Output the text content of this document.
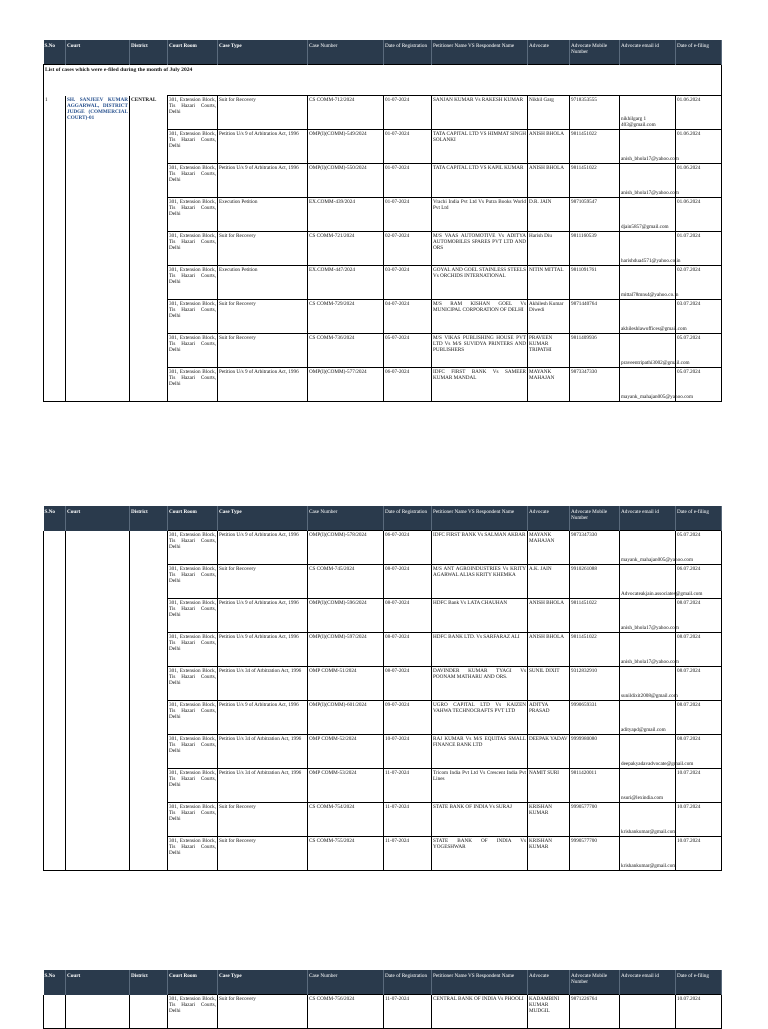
List of cases which were e-filed during the month of July 2024											
S.No	Court	District	Court Room	Case Type	Case Number	Date of Registration	Petitioner Name VS Respondent Name	Advocate	Advocate Mobile Number	Advocate email id	Date of e-filing
1	SH. SANJEEV KUMAR AGGARWAL, DISTRICT JUDGE (COMMERCIAL COURT)-01	CENTRAL	301, Extension Block, Tis Hazari Courts, Delhi	Suit for Recovery	CS COMM-712/2024	01-07-2024	SANJAN KUMAR Vs RAKESH KUMAR	Nikhil Garg	9718353555	nikhilgarg 1 403@gmail.com	01.06.2024
			301, Extension Block, Tis Hazari Courts, Delhi	Petition U/s 9 of Arbitration Act, 1996	OMP(I)(COMM)-549/2024	01-07-2024	TATA CAPITAL LTD VS HIMMAT SINGH SOLANKI	ANISH BHOLA	9811451022	anish_bhola17@yahoo.com	01.06.2024
			301, Extension Block, Tis Hazari Courts, Delhi	Petition U/s 9 of Arbitration Act, 1996	OMP(I)(COMM)-550/2024	01-07-2024	TATA CAPITAL LTD VS KAPIL KUMAR	ANISH BHOLA	9811451022	anish_bhola17@yahoo.com	01.06.2024
			301, Extension Block, Tis Hazari Courts, Delhi	Execution Petition	EX.COMM-439/2024	01-07-2024	Vrachi India Pvt Ltd Vs Putra Books World Pvt Ltd	D.R. JAIN	9871059547	djain5857@gmail.com	01.06.2024
			301, Extension Block, Tis Hazari Courts, Delhi	Suit for Recovery	CS COMM-721/2024	02-07-2024	M/S VAAS AUTOMOTIVE Vs ADITYA AUTOMOBILES SPARES PVT LTD AND ORS	Harish Diu	9811160539	harishdua4571@yahoo.co.in	01.07.2024
			301, Extension Block, Tis Hazari Courts, Delhi	Execution Petition	EX.COMM-447/2024	03-07-2024	GOYAL AND GOEL STAINLESS STEELS Vs ORCHIDS INTERNATIONAL	NITIN MITTAL	9811091761	mittal78mns4@yahoo.co.in	02.07.2024
			301, Extension Block, Tis Hazari Courts, Delhi	Suit for Recovery	CS COMM-729/2024	04-07-2024	M/S RAM KISHAN GOEL Vs MUNICIPAL CORPORATION OF DELHI	Akhilesh Kumar Diwedi	9871440764	akhileshlawoffices@gmail.com	03.07.2024
			301, Extension Block, Tis Hazari Courts, Delhi	Suit for Recovery	CS COMM-736/2024	05-07-2024	M/S VIKAS PUBLISHING HOUSE PVT LTD Vs M/S SUVIDYA PRINTERS AND PUBLISHERS	PRAVEEN KUMAR TRIPATHI	9811409936	praveentripathi3002@gmail.com	05.07.2024
			301, Extension Block, Tis Hazari Courts, Delhi	Petition U/s 9 of Arbitration Act, 1996	OMP(I)(COMM)-577/2024	06-07-2024	IDFC FIRST BANK Vs SAMEER KUMAR MANDAL	MAYANK MAHAJAN	9873347330	mayank_mahajan005@yahoo.com	05.07.2024

S.No	Court	District	Court Room	Case Type	Case Number	Date of Registration	Petitioner Name VS Respondent Name	Advocate	Advocate Mobile Number	Advocate email id	Date of e-filing
			301, Extension Block, Tis Hazari Courts, Delhi	Petition U/s 9 of Arbitration Act, 1996	OMP(I)(COMM)-578/2024	06-07-2024	IDFC FIRST BANK Vs SALMAN AKBAR	MAYANK MAHAJAN	9873347330	mayank_mahajan005@yahoo.com	05.07.2024
			301, Extension Block, Tis Hazari Courts, Delhi	Suit for Recovery	CS COMM-745/2024	08-07-2024	M/S ANT AGROINDUSTRIES Vs KRITY AGARWAL ALIAS KRITY KHEMKA	A.K. JAIN	9910261088	Advocateakjain.associates@gmail.com	06.07.2024
			301, Extension Block, Tis Hazari Courts, Delhi	Petition U/s 9 of Arbitration Act, 1996	OMP(I)(COMM)-596/2024	08-07-2024	HDFC Bank Vs LATA CHAUHAN	ANISH BHOLA	9811451022	anish_bhola17@yahoo.com	08.07.2024
			301, Extension Block, Tis Hazari Courts, Delhi	Petition U/s 9 of Arbitration Act, 1996	OMP(I)(COMM)-597/2024	08-07-2024	HDFC BANK LTD. Vs SARFARAZ ALI	ANISH BHOLA	9811451022	anish_bhola17@yahoo.com	08.07.2024
			301, Extension Block, Tis Hazari Courts, Delhi	Petition U/s 34 of Arbitration Act, 1996	OMP COMM-51/2024	08-07-2024	DAVINDER KUMAR TYAGI Vs POONAM MATHARU AND ORS.	SUNIL DIXIT	9312832910	sunildixit2008@gmail.com	08.07.2024
			301, Extension Block, Tis Hazari Courts, Delhi	Petition U/s 9 of Arbitration Act, 1996	OMP(I)(COMM)-601/2024	09-07-2024	UGRO CAPITAL LTD Vs KAIZEN VAHWA TECHNOCRAFTS PVT LTD	ADITYA PRASAD	9990659331	adityapd@gmail.com	08.07.2024
			301, Extension Block, Tis Hazari Courts, Delhi	Petition U/s 34 of Arbitration Act, 1996	OMP COMM-52/2024	10-07-2024	RAJ KUMAR Vs M/S EQUITAS SMALL FINANCE BANK LTD	DEEPAK YADAV	9999980080	deepakyadavadvocate@gmail.com	08.07.2024
			301, Extension Block, Tis Hazari Courts, Delhi	Petition U/s 34 of Arbitration Act, 1996	OMP COMM-53/2024	11-07-2024	Tricom India Pvt Ltd Vs Crescent India Pvt Lines	NAMIT SURI	9811420011	nsuri@lexindia.com	10.07.2024
			301, Extension Block, Tis Hazari Courts, Delhi	Suit for Recovery	CS COMM-754/2024	11-07-2024	STATE BANK OF INDIA Vs SURAJ	KRISHAN KUMAR	9990577700	krishankumar@gmail.com	10.07.2024
			301, Extension Block, Tis Hazari Courts, Delhi	Suit for Recovery	CS COMM-755/2024	11-07-2024	STATE BANK OF INDIA Vs YOGESHWAR	KRISHAN KUMAR	9990577700	krishankumar@gmail.com	10.07.2024

S.No	Court	District	Court Room	Case Type	Case Number	Date of Registration	Petitioner Name VS Respondent Name	Advocate	Advocate Mobile Number	Advocate email id	Date of e-filing
			301, Extension Block, Tis Hazari Courts, Delhi	Suit for Recovery	CS COMM-756/2024	11-07-2024	CENTRAL BANK OF INDIA Vs PHOOLI	KADAMBINI KUMAR MUDGIL	9871226764		10.07.2024
